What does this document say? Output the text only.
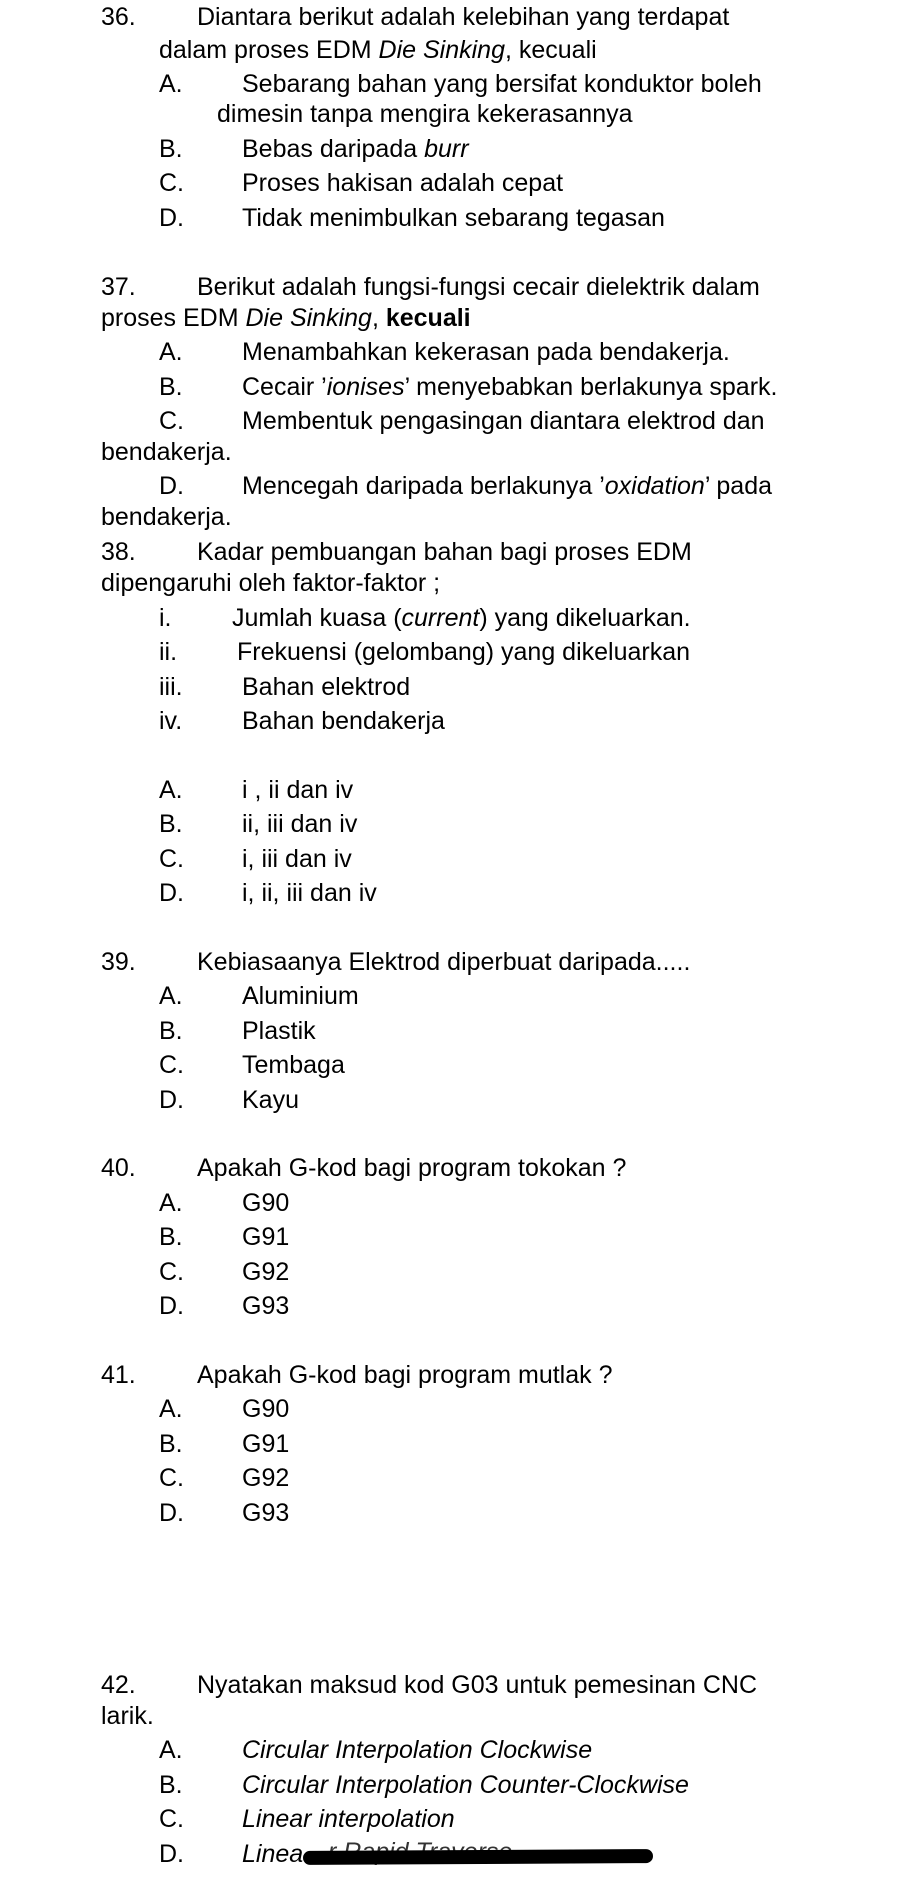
36. Diantara berikut adalah kelebihan yang terdapat
dalam proses EDM Die Sinking, kecuali
A. Sebarang bahan yang bersifat konduktor boleh
dimesin tanpa mengira kekerasannya
B. Bebas daripada burr
C. Proses hakisan adalah cepat
D. Tidak menimbulkan sebarang tegasan
37. Berikut adalah fungsi-fungsi cecair dielektrik dalam
proses EDM Die Sinking, kecuali
A. Menambahkan kekerasan pada bendakerja.
B. Cecair ’ionises’ menyebabkan berlakunya spark.
C. Membentuk pengasingan diantara elektrod dan
bendakerja.
D. Mencegah daripada berlakunya ’oxidation’ pada
bendakerja.
38. Kadar pembuangan bahan bagi proses EDM
dipengaruhi oleh faktor-faktor ;
i. Jumlah kuasa (current) yang dikeluarkan.
ii. Frekuensi (gelombang) yang dikeluarkan
iii. Bahan elektrod
iv. Bahan bendakerja
A. i , ii dan iv
B. ii, iii dan iv
C. i, iii dan iv
D. i, ii, iii dan iv
39. Kebiasaanya Elektrod diperbuat daripada.....
A. Aluminium
B. Plastik
C. Tembaga
D. Kayu
40. Apakah G-kod bagi program tokokan ?
A. G90
B. G91
C. G92
D. G93
41. Apakah G-kod bagi program mutlak ?
A. G90
B. G91
C. G92
D. G93
42. Nyatakan maksud kod G03 untuk pemesinan CNC
larik.
A. Circular Interpolation Clockwise
B. Circular Interpolation Counter-Clockwise
C. Linear interpolation
D. Linea
